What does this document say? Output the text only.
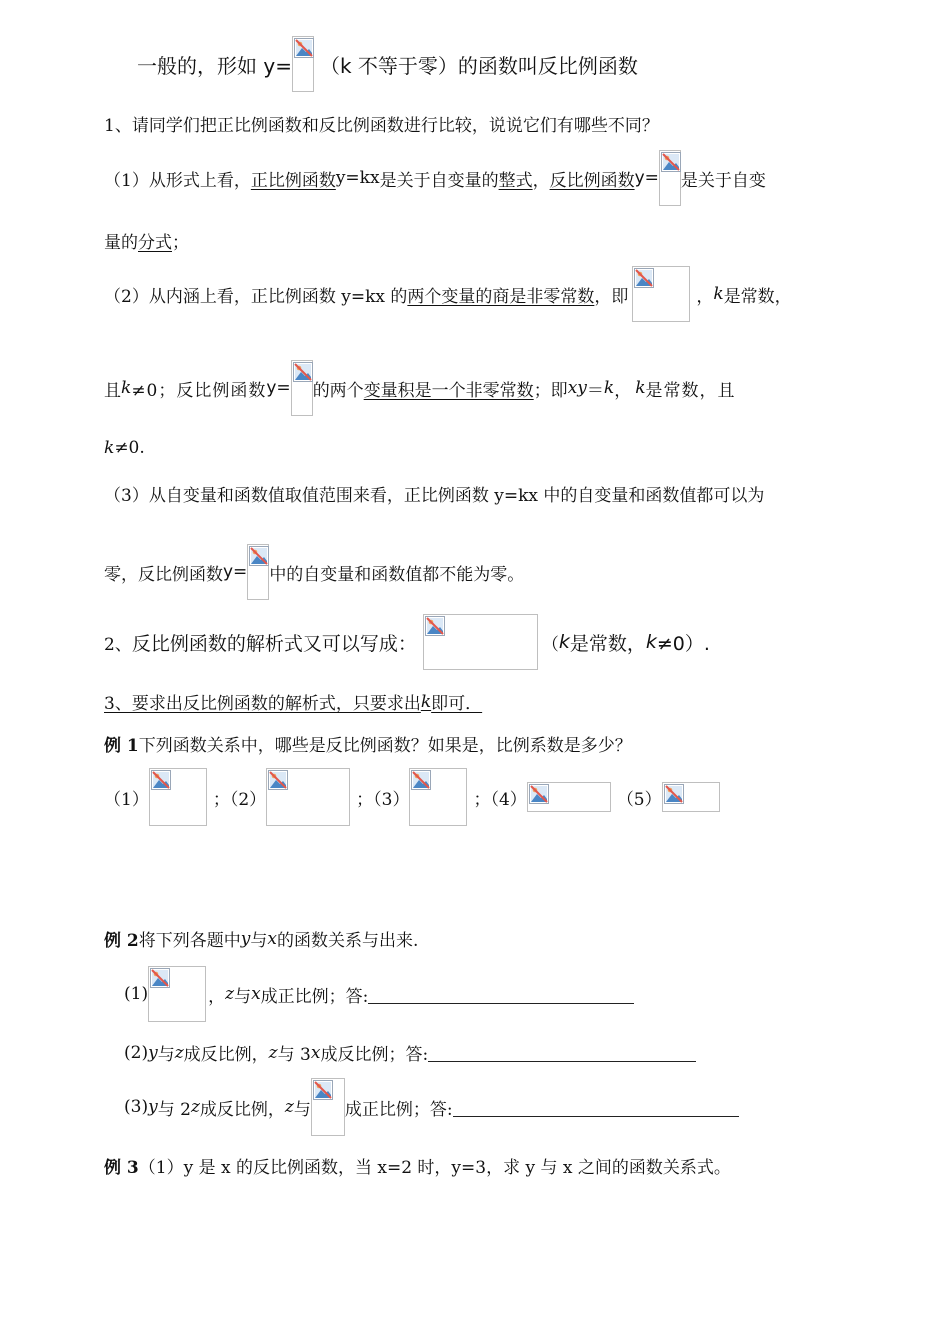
一般的，形如 y= （k 不等于零）的函数叫反比例函数
1、请同学们把正比例函数和反比例函数进行比较，说说它们有哪些不同？
（1）从形式上看， 正比例函数 y=kx 是关于自变量的 整式 ， 反比例函数 y= 是关于自变
量的 分式 ；
（2）从内涵上看，正比例函数 y=kx 的 两个变量的商是非零常数 ，即	， k 是常数，
且 k ≠0；反比例函数 y= 的两个 变量积是一个非零常数 ；即 xy ＝ k ， k 是常数，且
k ≠0.
（3）从自变量和函数值取值范围来看，正比例函数 y=kx 中的自变量和函数值都可以为
零，反比例函数 y= 中的自变量和函数值都不能为零。
2、 反比例函数的解析式又可以写成：	（ k 是常数， k ≠0）.
3、要求出反比例函数的解析式，只要求出 k 即可．
例 1 下列函数关系中，哪些是反比例函数？如果是，比例系数是多少？
（1）	；（2）	；（3）	；（4）	（5）
例 2 将下列各题中 y 与 x 的函数关系与出来.
(1)	， z 与 x 成正比例；答:
(2) y 与 z 成反比例， z 与 3 x 成反比例；答:
(3) y 与 2 z 成反比例， z 与 成正比例；答:
例 3 （1）y 是 x 的反比例函数，当 x=2 时，y=3，求 y 与 x 之间的函数关系式。
